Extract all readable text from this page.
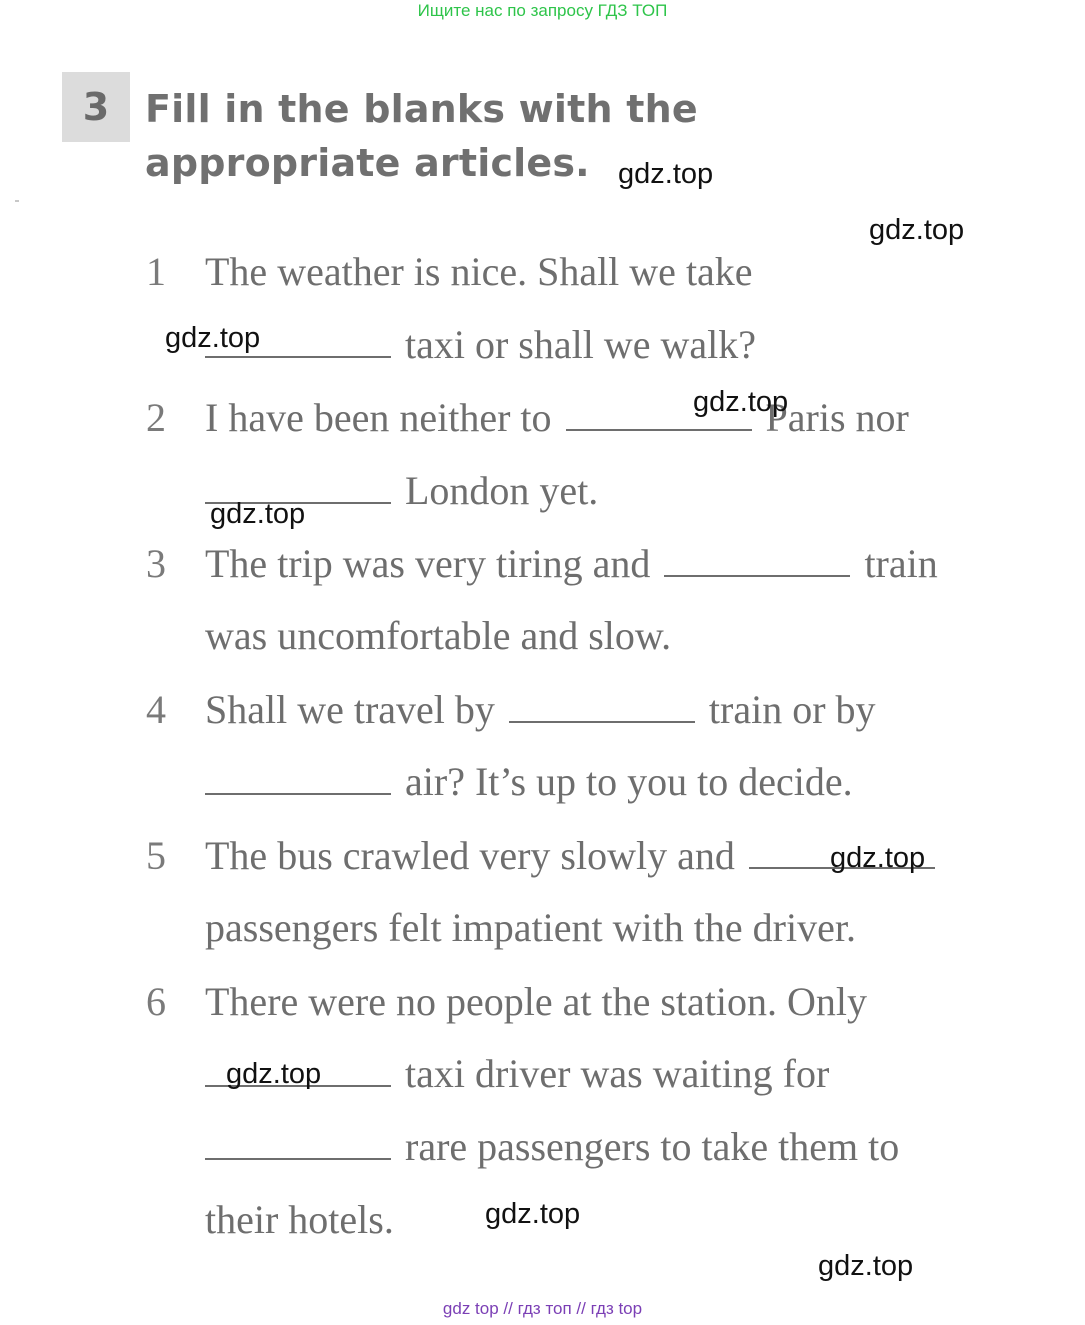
Ищите нас по запросу ГДЗ ТОП
3 Fill in the blanks with the appropriate articles.
1 The weather is nice. Shall we take
taxi or shall we walk?
2 I have been neither to	Paris nor
London yet.
3 The trip was very tiring and	train
was uncomfortable and slow.
4 Shall we travel by	train or by
air? It’s up to you to decide.
5 The bus crawled very slowly and
passengers felt impatient with the driver.
6 There were no people at the station. Only
taxi driver was waiting for
rare passengers to take them to
their hotels.
gdz.top
gdz.top
gdz.top
gdz.top
gdz.top
gdz.top
gdz.top
gdz.top
gdz.top
gdz top // гдз топ // гдз top
